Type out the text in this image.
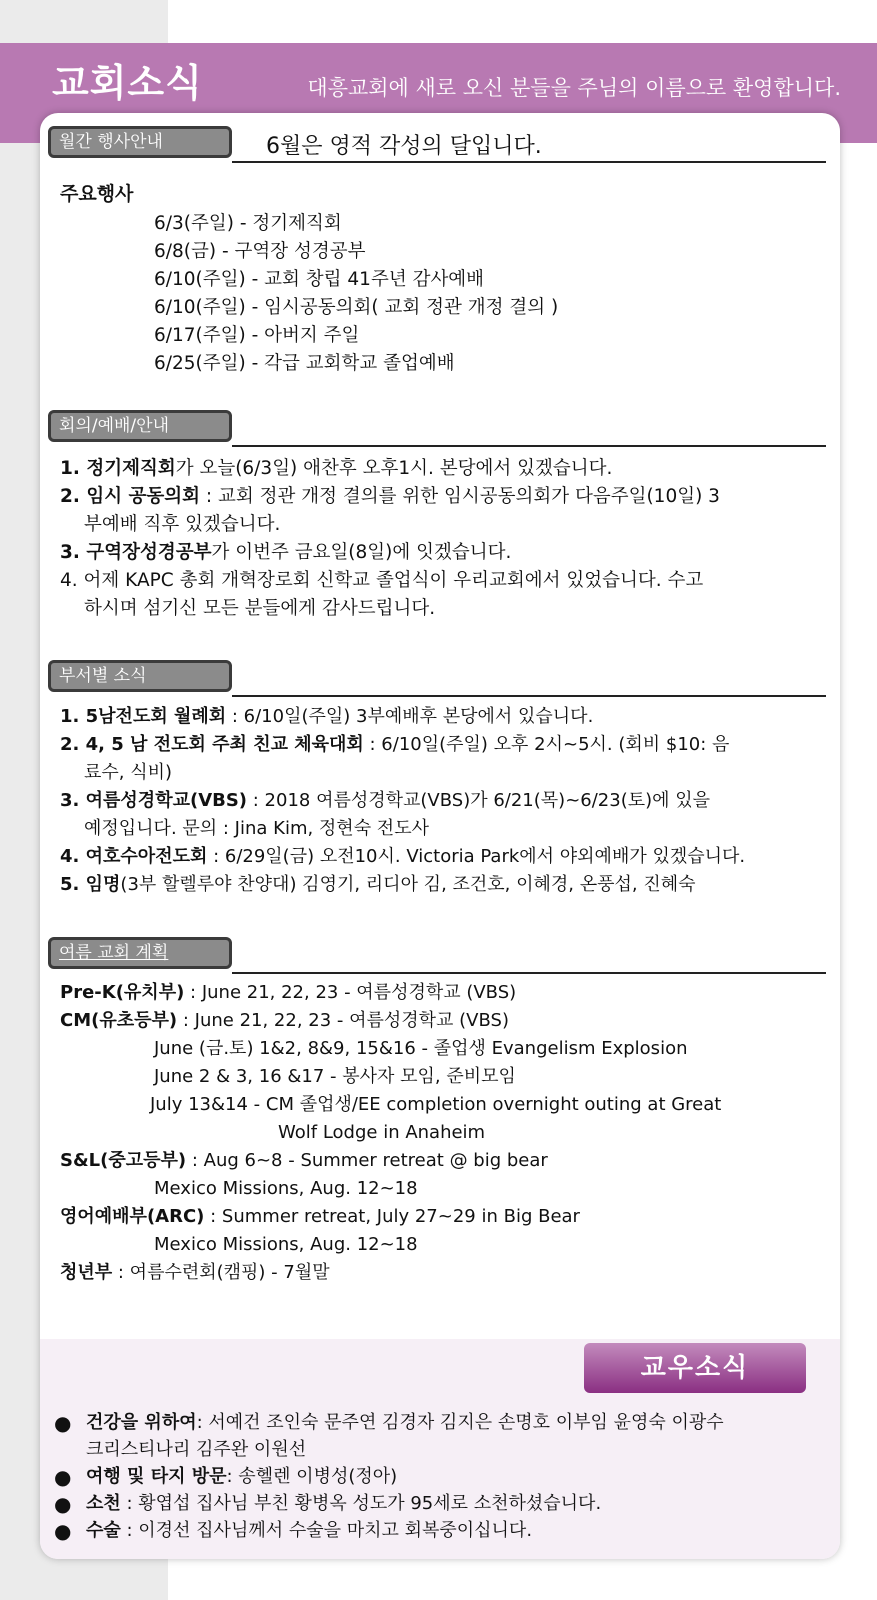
교회소식	대흥교회에 새로 오신 분들을 주님의 이름으로 환영합니다.
월간 행사안내	6월은 영적 각성의 달입니다.
주요행사
6/3(주일) - 정기제직회
6/8(금) - 구역장 성경공부
6/10(주일) - 교회 창립 41주년 감사예배
6/10(주일) - 임시공동의회( 교회 정관 개정 결의 )
6/17(주일) - 아버지 주일
6/25(주일) - 각급 교회학교 졸업예배
회의/예배/안내
1. 정기제직회가 오늘(6/3일) 애찬후 오후1시. 본당에서 있겠습니다.
2. 임시 공동의회 : 교회 정관 개정 결의를 위한 임시공동의회가 다음주일(10일) 3
부예배 직후 있겠습니다.
3. 구역장성경공부가 이번주 금요일(8일)에 잇겠습니다.
4. 어제 KAPC 총회 개혁장로회 신학교 졸업식이 우리교회에서 있었습니다. 수고
하시며 섬기신 모든 분들에게 감사드립니다.
부서별 소식
1. 5남전도회 월례회 : 6/10일(주일) 3부예배후 본당에서 있습니다.
2. 4, 5 남 전도회 주최 친교 체육대회 : 6/10일(주일) 오후 2시~5시. (회비 $10: 음
료수, 식비)
3. 여름성경학교(VBS) : 2018 여름성경학교(VBS)가 6/21(목)~6/23(토)에 있을
예정입니다. 문의 : Jina Kim, 정현숙 전도사
4. 여호수아전도회 : 6/29일(금) 오전10시. Victoria Park에서 야외예배가 있겠습니다.
5. 임명(3부 할렐루야 찬양대) 김영기, 리디아 김, 조건호, 이혜경, 온풍섭, 진혜숙
여름 교회 계획
Pre-K(유치부) : June 21, 22, 23 - 여름성경학교 (VBS)
CM(유초등부) : June 21, 22, 23 - 여름성경학교 (VBS)
June (금.토) 1&2, 8&9, 15&16 - 졸업생 Evangelism Explosion
June 2 & 3, 16 &17 - 봉사자 모임, 준비모임
July 13&14 - CM 졸업생/EE completion overnight outing at Great
Wolf Lodge in Anaheim
S&L(중고등부) : Aug 6~8 - Summer retreat @ big bear
Mexico Missions, Aug. 12~18
영어예배부(ARC) : Summer retreat, July 27~29 in Big Bear
Mexico Missions, Aug. 12~18
청년부 : 여름수련회(캠핑) - 7월말
교우소식
● 건강을 위하여: 서예건 조인숙 문주연 김경자 김지은 손명호 이부임 윤영숙 이광수
크리스티나리 김주완 이원선
● 여행 및 타지 방문: 송헬렌 이병성(정아)
● 소천 : 황엽섭 집사님 부친 황병옥 성도가 95세로 소천하셨습니다.
● 수술 : 이경선 집사님께서 수술을 마치고 회복중이십니다.
